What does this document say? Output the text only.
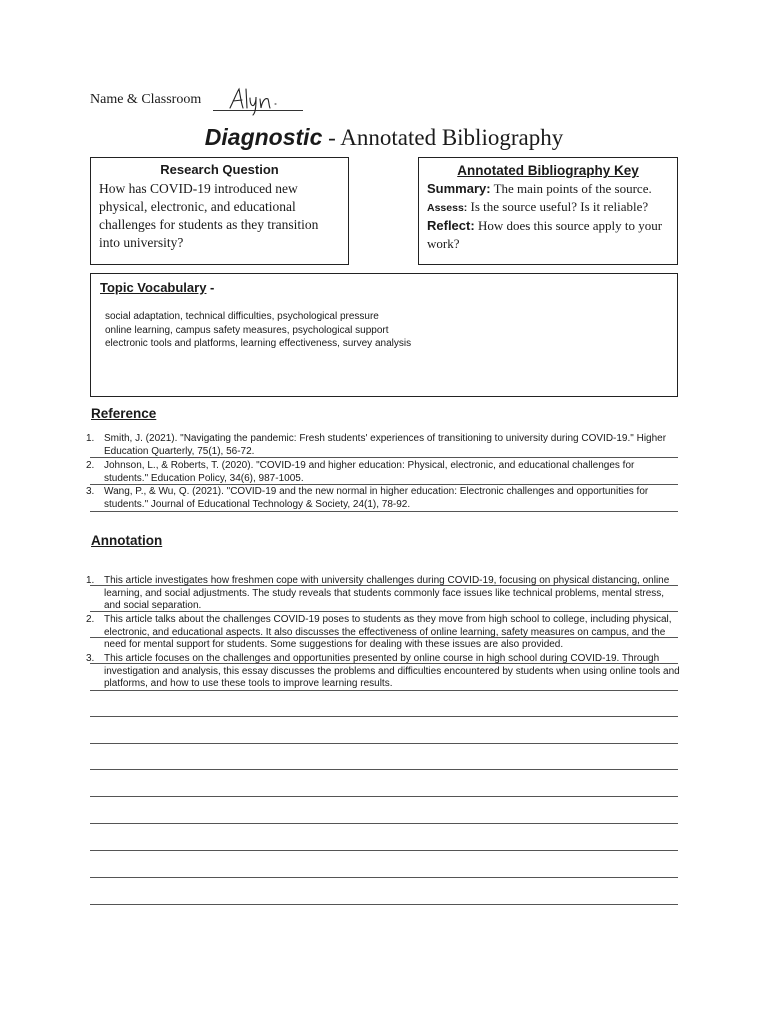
Name & Classroom
Diagnostic - Annotated Bibliography
Research Question
How has COVID-19 introduced new physical, electronic, and educational challenges for students as they transition into university?
Annotated Bibliography Key
Summary: The main points of the source.
Assess: Is the source useful? Is it reliable?
Reflect: How does this source apply to your work?
Topic Vocabulary -
social adaptation, technical difficulties, psychological pressure
online learning, campus safety measures, psychological support
electronic tools and platforms, learning effectiveness, survey analysis
Reference
1. Smith, J. (2021). "Navigating the pandemic: Fresh students' experiences of transitioning to university during COVID-19." Higher Education Quarterly, 75(1), 56-72.
2. Johnson, L., & Roberts, T. (2020). "COVID-19 and higher education: Physical, electronic, and educational challenges for students." Education Policy, 34(6), 987-1005.
3. Wang, P., & Wu, Q. (2021). "COVID-19 and the new normal in higher education: Electronic challenges and opportunities for students." Journal of Educational Technology & Society, 24(1), 78-92.
Annotation
1. This article investigates how freshmen cope with university challenges during COVID-19, focusing on physical distancing, online learning, and social adjustments. The study reveals that students commonly face issues like technical problems, mental stress, and social separation.
2. This article talks about the challenges COVID-19 poses to students as they move from high school to college, including physical, electronic, and educational aspects. It also discusses the effectiveness of online learning, safety measures on campus, and the need for mental support for students. Some suggestions for dealing with these issues are also provided.
3. This article focuses on the challenges and opportunities presented by online course in high school during COVID-19. Through investigation and analysis, this essay discusses the problems and difficulties encountered by students when using online tools and platforms, and how to use these tools to improve learning results.
